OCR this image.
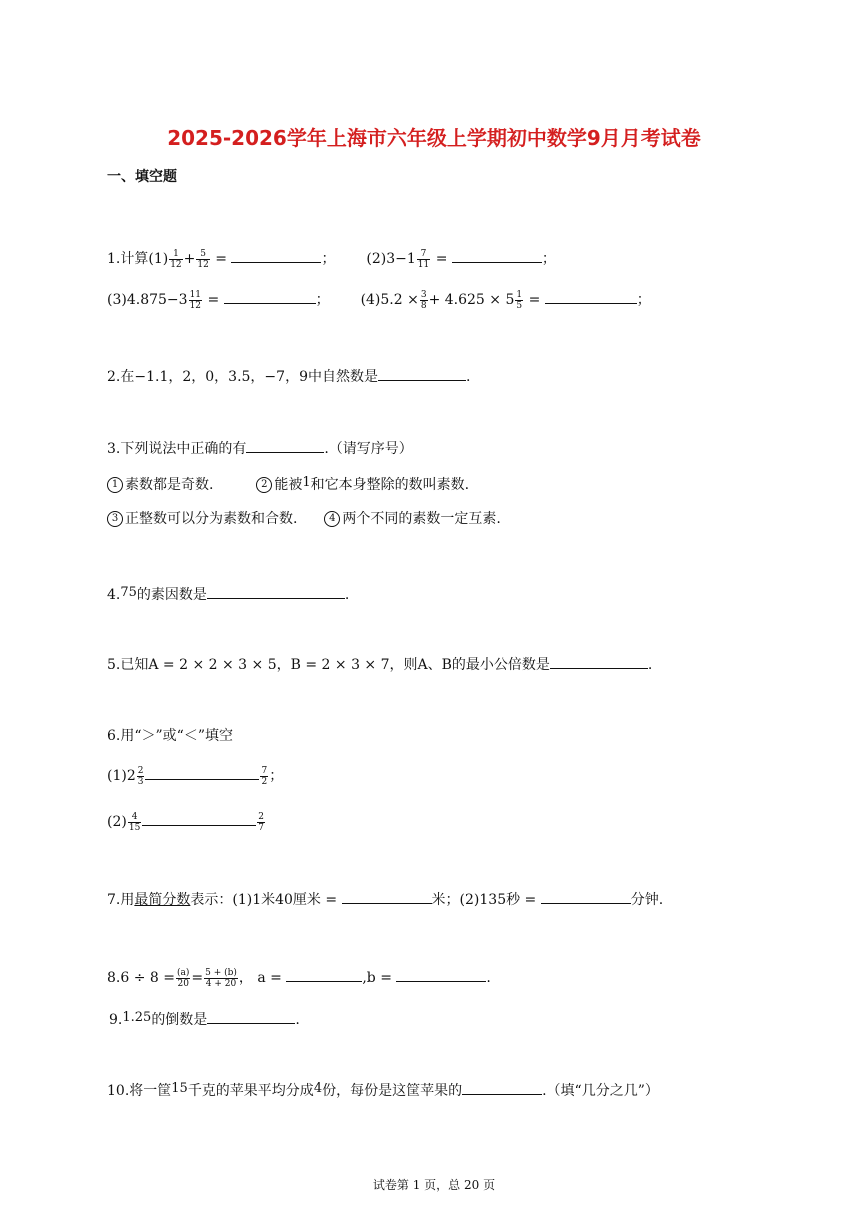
2025-2026学年上海市六年级上学期初中数学9月月考试卷
一、填空题
1.计算$(1) \frac{1}{12} + \frac{5}{12}$ =	； $(2)3-1 \frac{7}{11}$ =	；
$(3)4.875-3 \frac{11}{12}$ =	； $(4)5.2 \times \frac{3}{8} + 4.625 \times 5 \frac{1}{5}$ =	；
2.在−1.1，2，0，3.5，−7，9中自然数是	.
3.下列说法中正确的有	.（请写序号）
1 素数都是奇数.	2 能被1和它本身整除的数叫素数.
3 正整数可以分为素数和合数.	4 两个不同的素数一定互素.
4.75的素因数是	.
5.已知A = 2 × 2 × 3 × 5，B = 2 × 3 × 7，则A、B的最小公倍数是	.
6.用“＞”或“＜”填空
$(1)2 \frac{2}{3}$	$\frac{7}{2}$ ；
$(2) \frac{4}{15}$	$\frac{2}{7}$
7.用最简分数表示：(1)1米40厘米 =	米；(2)135秒 =	分钟.
$8.6 \div 8 = \frac{(a)}{20} = \frac{5 + (b)}{4 + 20}$ ， a =	,b =	.
9.1.25的倒数是	.
10.将一筐15千克的苹果平均分成4份，每份是这筐苹果的	.（填“几分之几”）
试卷第 1 页，总 20 页
